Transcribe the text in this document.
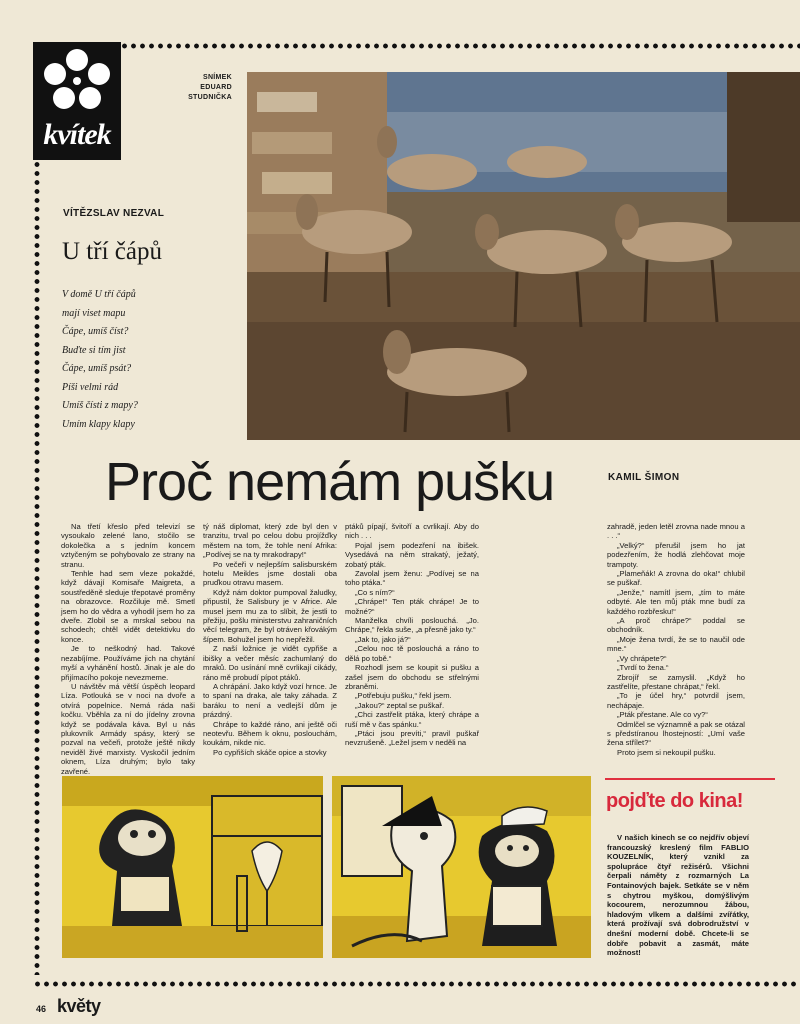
kvítek
SNÍMEK
EDUARD
STUDNIČKA
VÍTĚZSLAV NEZVAL
U tří čápů
V domě U tří čápů
mají viset mapu
Čápe, umíš číst?
Buďte si tím jist
Čápe, umíš psát?
Píši velmi rád
Umíš čísti z mapy?
Umím klapy klapy
Proč nemám pušku	KAMIL ŠIMON

Na třetí křeslo před televizí se vysoukalo zelené lano, stočilo se dokolečka a s jedním koncem vztyčeným se pohybovalo ze strany na stranu.

Tenhle had sem vleze pokaždé, když dávají Komisaře Maigreta, a soustředěně sleduje třepotavé proměny na obrazovce. Rozčiluje mě. Smetl jsem ho do vědra a vyhodil jsem ho za dveře. Zlobil se a mrskal sebou na schodech; chtěl vidět detektivku do konce.

Je to neškodný had. Takové nezabíjíme. Používáme jich na chytání myší a vyhánění hostů. Jinak je ale do přijímacího pokoje nevezmeme.

U návštěv má větší úspěch leopard Líza. Potlouká se v noci na dvoře a otvírá popelnice. Nemá ráda naši kočku. Vběhla za ní do jídelny zrovna když se podávala káva. Byl u nás plukovník Armády spásy, který se pozval na večeři, protože ještě nikdy neviděl živé marxisty. Vyskočil jedním oknem, Líza druhým; bylo taky zavřené.

tý náš diplomat, který zde byl den v tranzitu, trval po celou dobu projížďky městem na tom, že tohle není Afrika: „Podívej se na ty mrakodrapy!“

Po večeři v nejlepším salisburském hotelu Meikles jsme dostali oba pruďkou otravu masem.

Když nám doktor pumpoval žaludky, připustil, že Salisbury je v Africe. Ale musel jsem mu za to slíbit, že jestli to přežiju, pošlu ministerstvu zahraničních věcí telegram, že byl otráven křovákým šípem. Bohužel jsem ho nepřežil.

Z naší ložnice je vidět cypřiše a ibišky a večer měsíc zachumlaný do mraků. Do usínání mně cvrlikají cikády, ráno mě probudí pípot ptáků.

A chrápání. Jako když vozí hrnce. Je to spaní na draka, ale taky záhada. Z baráku to není a vedlejší dům je prázdný.

Chrápe to každé ráno, ani ještě oči neotevřu. Během k oknu, poslouchám, koukám, nikde nic.

Po cypřiších skáče opice a stovky

ptáků pípají, švitoří a cvrlikají. Aby do nich . . .

Pojal jsem podezření na ibišek. Vysedává na něm strakatý, ježatý, zobatý pták.

Zavolal jsem ženu: „Podívej se na toho ptáka.“

„Co s ním?“

„Chrápe!“ Ten pták chrápe! Je to možné?“

Manželka chvíli poslouchá. „Jo. Chrápe,“ řekla suše, „a přesně jako ty.“

„Jak to, jako já?“

„Celou noc tě poslouchá a ráno to dělá po tobě.“

Rozhodl jsem se koupit si pušku a zašel jsem do obchodu se střelnými zbraněmi.

„Potřebuju pušku,“ řekl jsem.

„Jakou?“ zeptal se puškař.

„Chci zastřelit ptáka, který chrápe a ruší mě v čas spánku.“

„Ptáci jsou prevíti,“ pravil puškař nevzrušeně. „Ležel jsem v neděli na

zahradě, jeden letěl zrovna nade mnou a . . .“

„Velký?“ přerušil jsem ho jat podezřením, že hodlá zlehčovat moje trampoty.

„Plameňák! A zrovna do oka!“ chlubil se puškař.

„Jenže,“ namítl jsem, „tím to máte odbyté. Ale ten můj pták mne budí za každého rozbřesku!“

„A proč chrápe?“ poddal se obchodník.

„Moje žena tvrdí, že se to naučil ode mne.“

„Vy chrápete?“

„Tvrdí to žena.“

Zbrojíř se zamyslil. „Když ho zastřelíte, přestane chrápat,“ řekl.

„To je účel hry,“ potvrdil jsem, nechápaje.

„Pták přestane. Ale co vy?“

Odmlčel se významně a pak se otázal s předstíranou lhostejností: „Umí vaše žena střílet?“

Proto jsem si nekoupil pušku.

pojďte do kina!

V našich kinech se co nejdřív objeví francouzský kreslený film FABLIO KOUZELNÍK, který vznikl za spolupráce čtyř režisérů. Všichni čerpali náměty z rozmarných La Fontainových bajek. Setkáte se v něm s chytrou myškou, domýšlivým kocourem, nerozumnou žábou, hladovým vlkem a dalšími zvířátky, která prožívají svá dobrodružství v dnešní moderní době. Chcete-li se dobře pobavit a zasmát, máte možnost!

46 květy
